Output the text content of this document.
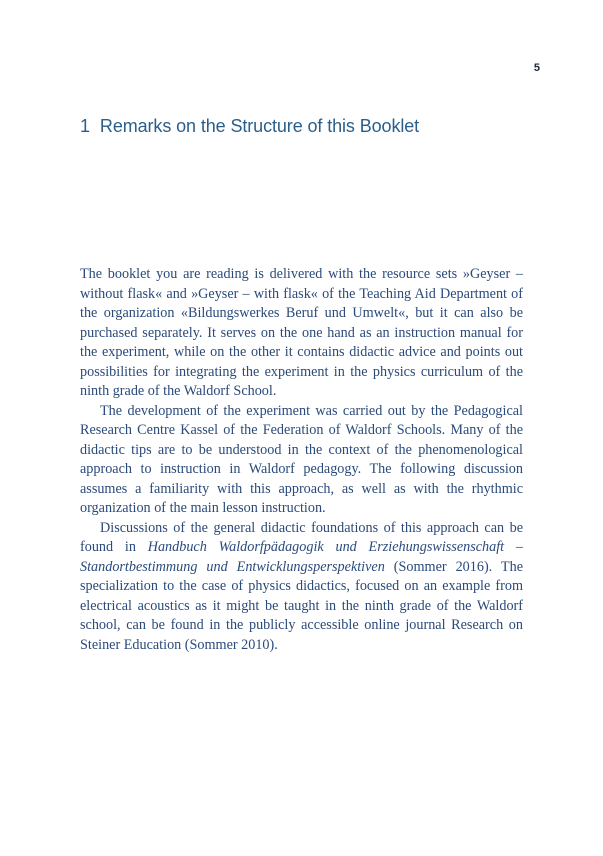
5
1 Remarks on the Structure of this Booklet

The booklet you are reading is delivered with the resource sets »Geyser – without flask« and »Geyser – with flask« of the Teaching Aid Department of the organization «Bildungswerkes Beruf und Umwelt«, but it can also be purchased separately. It serves on the one hand as an instruction manual for the experiment, while on the other it contains didactic advice and points out possibilities for integrating the experiment in the physics curriculum of the ninth grade of the Waldorf School.

The development of the experiment was carried out by the Pedagogical Research Centre Kassel of the Federation of Waldorf Schools. Many of the didactic tips are to be understood in the context of the phenomenological approach to instruction in Waldorf pedagogy. The following discussion assumes a familiarity with this approach, as well as with the rhythmic organization of the main lesson instruction.

Discussions of the general didactic foundations of this approach can be found in Handbuch Waldorfpädagogik und Erziehungswissenschaft – Standortbestimmung und Entwicklungsperspektiven (Sommer 2016). The specialization to the case of physics didactics, focused on an example from electrical acoustics as it might be taught in the ninth grade of the Waldorf school, can be found in the publicly accessible online journal Research on Steiner Education (Sommer 2010).
